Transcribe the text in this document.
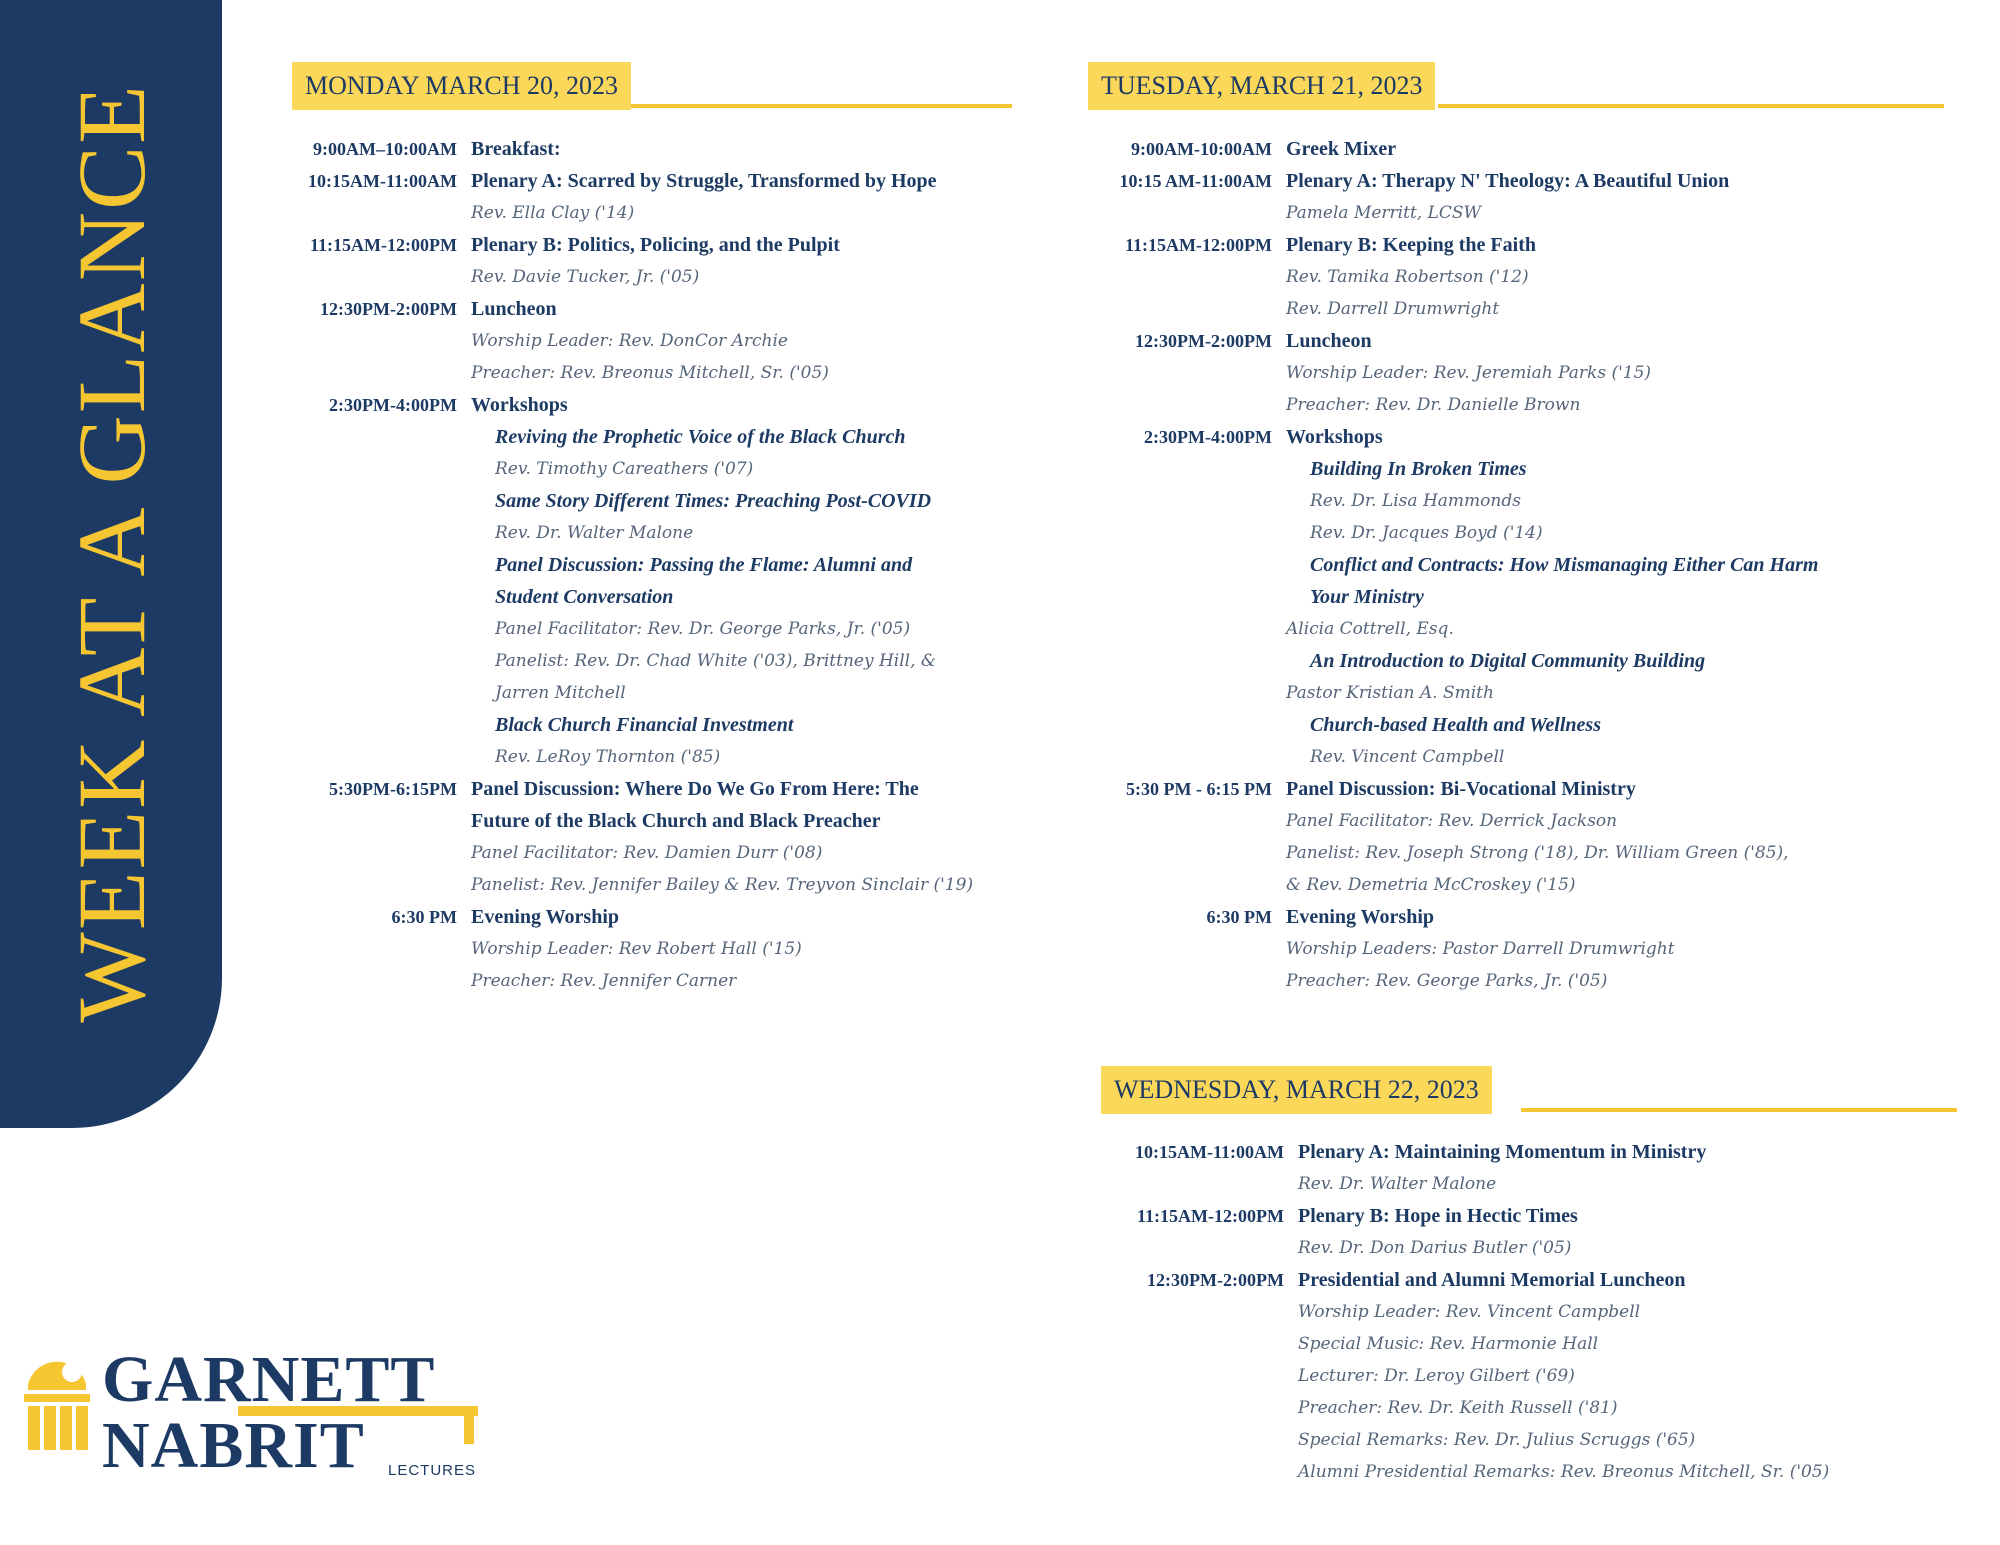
WEEK AT A GLANCE	MONDAY MARCH 20, 2023
9:00AM–10:00AM Breakfast:
10:15AM-11:00AM Plenary A: Scarred by Struggle, Transformed by Hope
Rev. Ella Clay ('14)
11:15AM-12:00PM Plenary B: Politics, Policing, and the Pulpit
Rev. Davie Tucker, Jr. ('05)
12:30PM-2:00PM Luncheon
Worship Leader: Rev. DonCor Archie
Preacher: Rev. Breonus Mitchell, Sr. ('05)
2:30PM-4:00PM Workshops
Reviving the Prophetic Voice of the Black Church
Rev. Timothy Careathers ('07)
Same Story Different Times: Preaching Post-COVID
Rev. Dr. Walter Malone
Panel Discussion: Passing the Flame: Alumni and
Student Conversation
Panel Facilitator: Rev. Dr. George Parks, Jr. ('05)
Panelist: Rev. Dr. Chad White ('03), Brittney Hill, &
Jarren Mitchell
Black Church Financial Investment
Rev. LeRoy Thornton ('85)
5:30PM-6:15PM Panel Discussion: Where Do We Go From Here: The
Future of the Black Church and Black Preacher
Panel Facilitator: Rev. Damien Durr ('08)
Panelist: Rev. Jennifer Bailey & Rev. Treyvon Sinclair ('19)
6:30 PM Evening Worship
Worship Leader: Rev Robert Hall ('15)
Preacher: Rev. Jennifer Carner
TUESDAY, MARCH 21, 2023
9:00AM-10:00AM Greek Mixer
10:15 AM-11:00AM Plenary A: Therapy N' Theology: A Beautiful Union
Pamela Merritt, LCSW
11:15AM-12:00PM Plenary B: Keeping the Faith
Rev. Tamika Robertson ('12)
Rev. Darrell Drumwright
12:30PM-2:00PM Luncheon
Worship Leader: Rev. Jeremiah Parks ('15)
Preacher: Rev. Dr. Danielle Brown
2:30PM-4:00PM Workshops
Building In Broken Times
Rev. Dr. Lisa Hammonds
Rev. Dr. Jacques Boyd ('14)
Conflict and Contracts: How Mismanaging Either Can Harm
Your Ministry
Alicia Cottrell, Esq.
An Introduction to Digital Community Building
Pastor Kristian A. Smith
Church-based Health and Wellness
Rev. Vincent Campbell
5:30 PM - 6:15 PM Panel Discussion: Bi-Vocational Ministry
Panel Facilitator: Rev. Derrick Jackson
Panelist: Rev. Joseph Strong ('18), Dr. William Green ('85),
& Rev. Demetria McCroskey ('15)
6:30 PM Evening Worship
Worship Leaders: Pastor Darrell Drumwright
Preacher: Rev. George Parks, Jr. ('05)
WEDNESDAY, MARCH 22, 2023
10:15AM-11:00AM Plenary A: Maintaining Momentum in Ministry
Rev. Dr. Walter Malone
11:15AM-12:00PM Plenary B: Hope in Hectic Times
Rev. Dr. Don Darius Butler ('05)
12:30PM-2:00PM Presidential and Alumni Memorial Luncheon
Worship Leader: Rev. Vincent Campbell
Special Music: Rev. Harmonie Hall
Lecturer: Dr. Leroy Gilbert ('69)
Preacher: Rev. Dr. Keith Russell ('81)
Special Remarks: Rev. Dr. Julius Scruggs ('65)
Alumni Presidential Remarks: Rev. Breonus Mitchell, Sr. ('05)
GARNETT
NABRIT LECTURES
